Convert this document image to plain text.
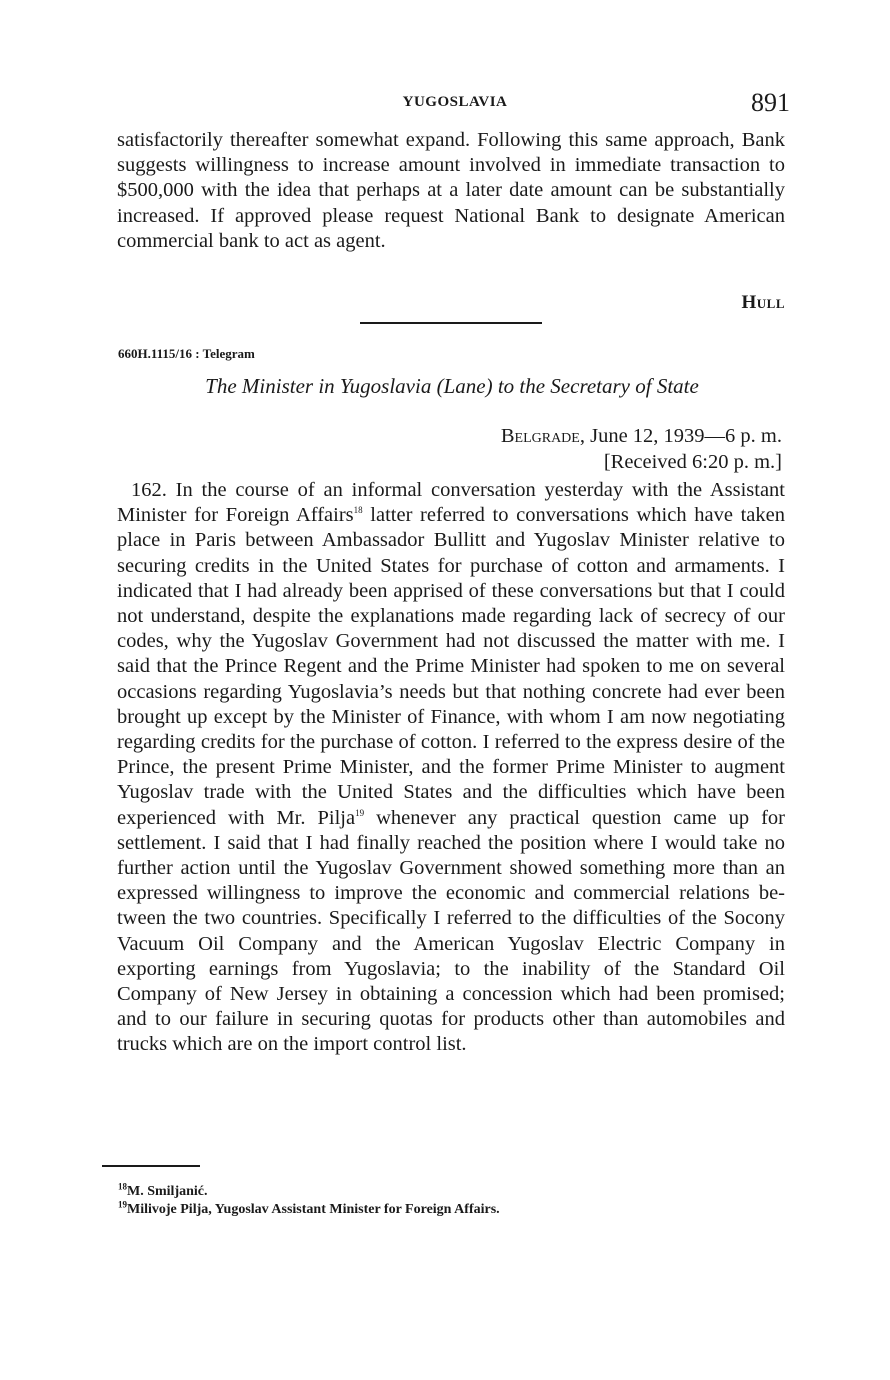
YUGOSLAVIA	891
satisfactorily thereafter somewhat expand. Following this same approach, Bank suggests willingness to increase amount involved in immediate transaction to $500,000 with the idea that perhaps at a later date amount can be substantially increased. If approved please request National Bank to designate American commercial bank to act as agent.
Hull
660H.1115/16 : Telegram
The Minister in Yugoslavia (Lane) to the Secretary of State
Belgrade, June 12, 1939—6 p. m.
[Received 6:20 p. m.]
162. In the course of an informal conversation yesterday with the Assistant Minister for Foreign Affairs$^{18}$ latter referred to conversations which have taken place in Paris between Ambassador Bullitt and Yugoslav Minister relative to securing credits in the United States for purchase of cotton and armaments. I indicated that I had already been apprised of these conversations but that I could not understand, despite the explanations made regarding lack of secrecy of our codes, why the Yugoslav Government had not discussed the matter with me. I said that the Prince Regent and the Prime Minister had spoken to me on several occasions regarding Yugoslavia’s needs but that nothing concrete had ever been brought up except by the Minister of Finance, with whom I am now negotiating regarding credits for the purchase of cotton. I referred to the express desire of the Prince, the present Prime Minister, and the former Prime Minister to augment Yugoslav trade with the United States and the difficulties which have been experienced with Mr. Pilja$^{19}$ whenever any practical question came up for settlement. I said that I had finally reached the position where I would take no further action until the Yugoslav Government showed something more than an expressed willingness to improve the economic and commercial relations between the two countries. Specifically I referred to the difficulties of the Socony Vacuum Oil Company and the American Yugoslav Electric Company in exporting earnings from Yugoslavia; to the inability of the Standard Oil Company of New Jersey in obtaining a concession which had been promised; and to our failure in securing quotas for products other than automobiles and trucks which are on the import control list.
$^{18}$M. Smiljanić.
$^{19}$Milivoje Pilja, Yugoslav Assistant Minister for Foreign Affairs.
